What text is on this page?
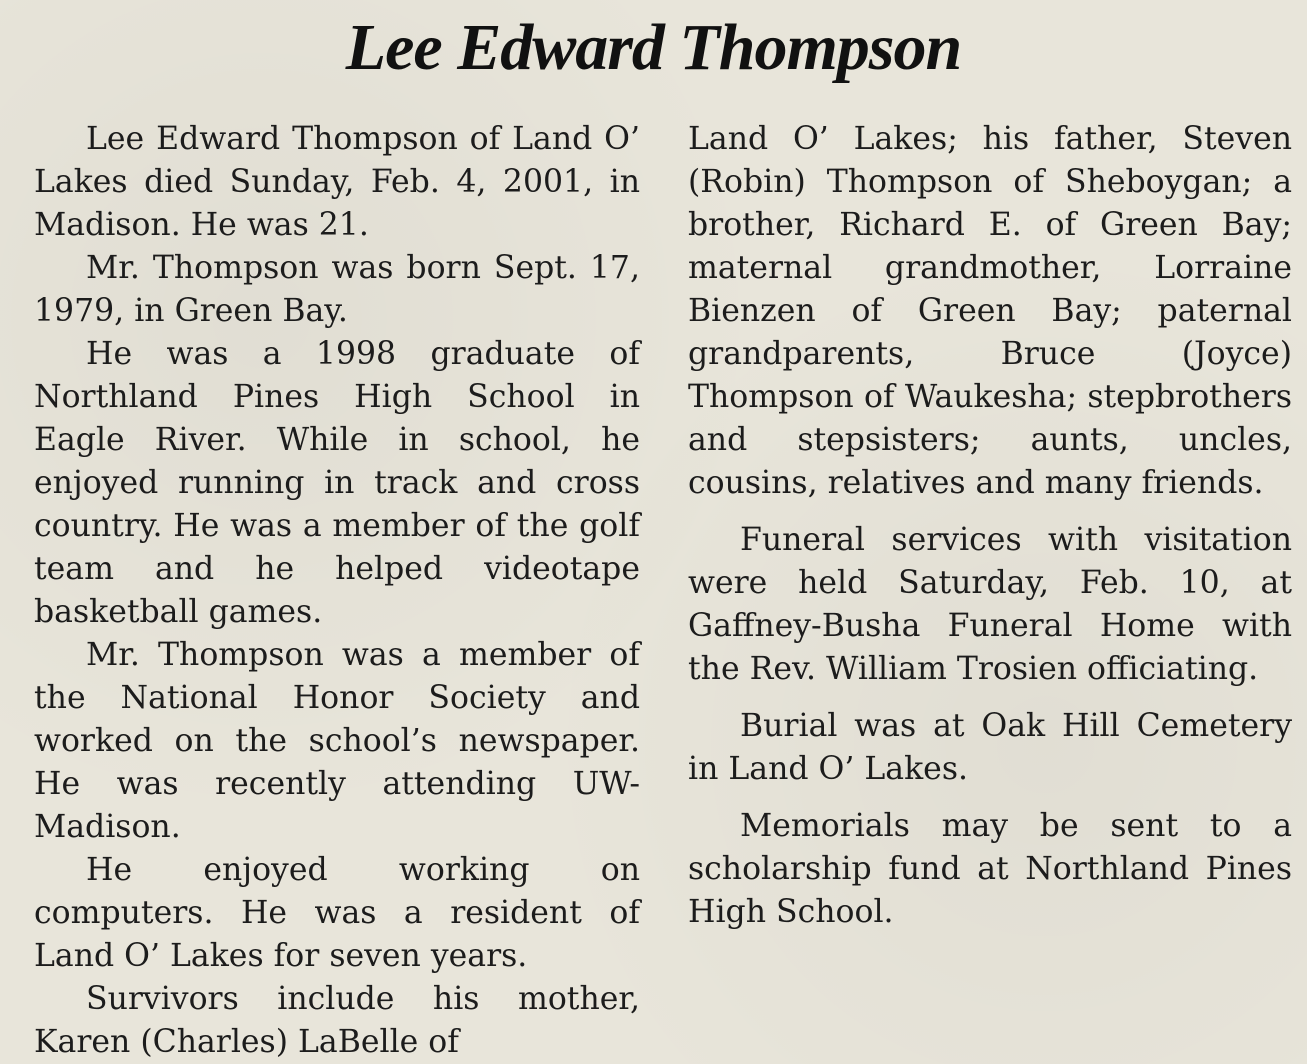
Lee Edward Thompson

Lee Edward Thompson of Land O’ Lakes died Sunday, Feb. 4, 2001, in Madison. He was 21.

Mr. Thompson was born Sept. 17, 1979, in Green Bay.

He was a 1998 graduate of Northland Pines High School in Eagle River. While in school, he enjoyed running in track and cross country. He was a member of the golf team and he helped videotape basketball games.

Mr. Thompson was a member of the National Honor Society and worked on the school’s newspaper. He was recently attending UW-Madison.

He enjoyed working on computers. He was a resident of Land O’ Lakes for seven years.

Survivors include his mother, Karen (Charles) LaBelle of

Land O’ Lakes; his father, Steven (Robin) Thompson of Sheboygan; a brother, Richard E. of Green Bay; maternal grandmother, Lorraine Bienzen of Green Bay; paternal grandparents, Bruce (Joyce) Thompson of Waukesha; stepbrothers and stepsisters; aunts, uncles, cousins, relatives and many friends.

Funeral services with visitation were held Saturday, Feb. 10, at Gaffney-Busha Funeral Home with the Rev. William Trosien officiating.

Burial was at Oak Hill Cemetery in Land O’ Lakes.

Memorials may be sent to a scholarship fund at Northland Pines High School.
